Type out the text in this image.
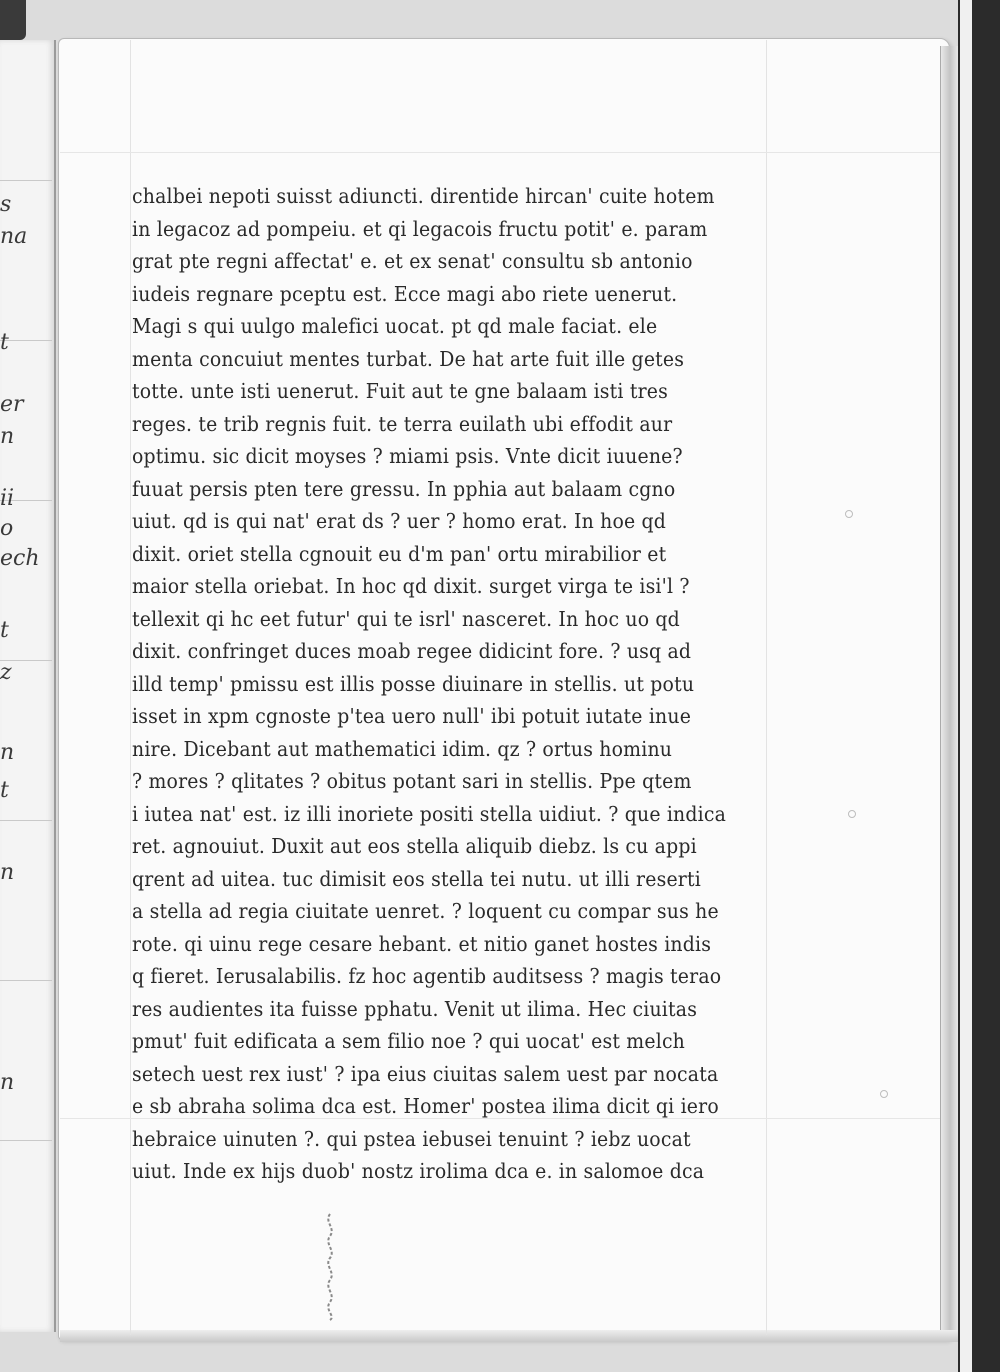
s
na
t
er
n
ii
o
ech
t
z
n
t
n
n
chalbei nepoti suisst adiuncti. direntide hircan' cuite hotem
in legacoz ad pompeiu. et qi legacois fructu potit' e. param
grat pte regni affectat' e. et ex senat' consultu sb antonio
iudeis regnare pceptu est. Ecce magi abo riete uenerut.
Magi s qui uulgo malefici uocat. pt qd male faciat. ele
menta concuiut mentes turbat. De hat arte fuit ille getes
totte. unte isti uenerut. Fuit aut te gne balaam isti tres
reges. te trib regnis fuit. te terra euilath ubi effodit aur
optimu. sic dicit moyses ? miami psis. Vnte dicit iuuene?
fuuat persis pten tere gressu. In pphia aut balaam cgno
uiut. qd is qui nat' erat ds ? uer ? homo erat. In hoe qd
dixit. oriet stella cgnouit eu d'm pan' ortu mirabilior et
maior stella oriebat. In hoc qd dixit. surget virga te isi'l ?
tellexit qi hc eet futur' qui te isrl' nasceret. In hoc uo qd
dixit. confringet duces moab regee didicint fore. ? usq ad
illd temp' pmissu est illis posse diuinare in stellis. ut potu
isset in xpm cgnoste p'tea uero null' ibi potuit iutate inue
nire. Dicebant aut mathematici idim. qz ? ortus hominu
? mores ? qlitates ? obitus potant sari in stellis. Ppe qtem
i iutea nat' est. iz illi inoriete positi stella uidiut. ? que indica
ret. agnouiut. Duxit aut eos stella aliquib diebz. ls cu appi
qrent ad uitea. tuc dimisit eos stella tei nutu. ut illi reserti
a stella ad regia ciuitate uenret. ? loquent cu compar sus he
rote. qi uinu rege cesare hebant. et nitio ganet hostes indis
q fieret. Ierusalabilis. fz hoc agentib auditsess ? magis terao
res audientes ita fuisse pphatu. Venit ut ilima. Hec ciuitas
pmut' fuit edificata a sem filio noe ? qui uocat' est melch
setech uest rex iust' ? ipa eius ciuitas salem uest par nocata
e sb abraha solima dca est. Homer' postea ilima dicit qi iero
hebraice uinuten ?. qui pstea iebusei tenuint ? iebz uocat
uiut. Inde ex hijs duob' nostz irolima dca e. in salomoe dca
